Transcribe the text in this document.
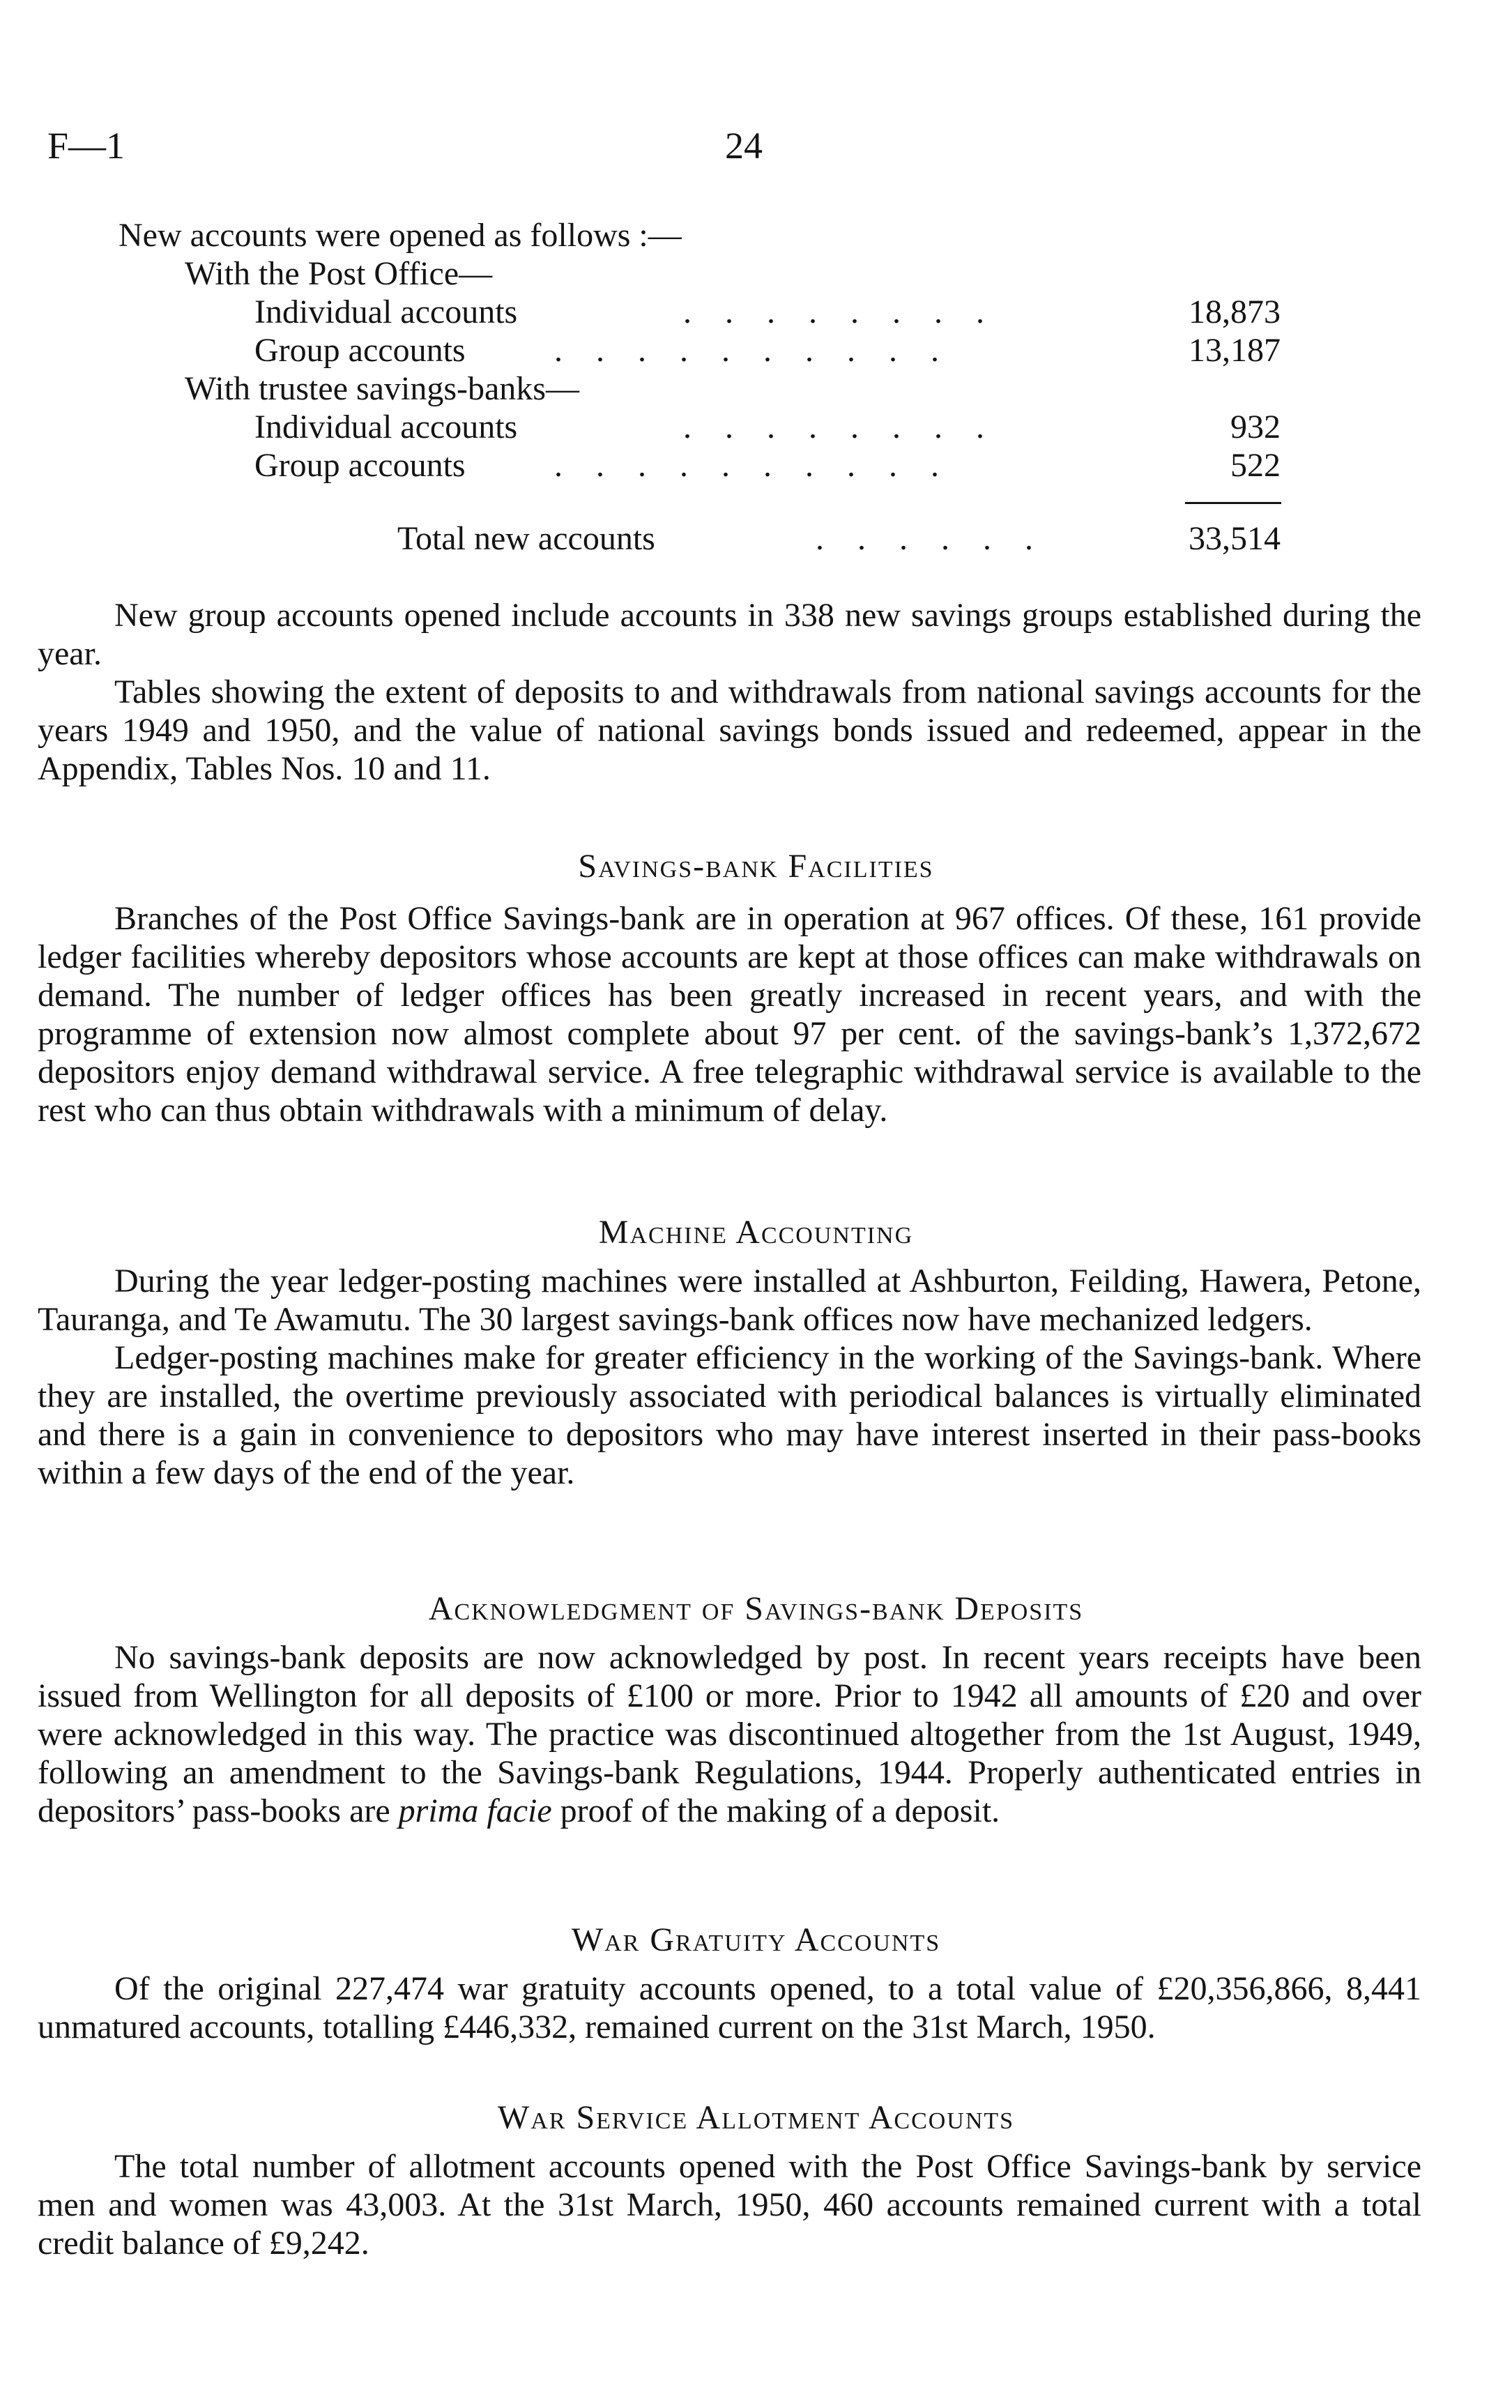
F—1	24
New accounts were opened as follows :—
With the Post Office—
Individual accounts	. . . . . . . .	18,873
Group accounts	. . . . . . . . . .	13,187
With trustee savings-banks—
Individual accounts	. . . . . . . .	932
Group accounts	. . . . . . . . . .	522
Total new accounts	. . . . . .	33,514

New group accounts opened include accounts in 338 new savings groups established during the year.

Tables showing the extent of deposits to and withdrawals from national savings accounts for the years 1949 and 1950, and the value of national savings bonds issued and redeemed, appear in the Appendix, Tables Nos. 10 and 11.

Savings-bank Facilities

Branches of the Post Office Savings-bank are in operation at 967 offices. Of these, 161 provide ledger facilities whereby depositors whose accounts are kept at those offices can make withdrawals on demand. The number of ledger offices has been greatly increased in recent years, and with the programme of extension now almost complete about 97 per cent. of the savings-bank’s 1,372,672 depositors enjoy demand withdrawal service. A free telegraphic withdrawal service is available to the rest who can thus obtain withdrawals with a minimum of delay.

Machine Accounting

During the year ledger-posting machines were installed at Ashburton, Feilding, Hawera, Petone, Tauranga, and Te Awamutu. The 30 largest savings-bank offices now have mechanized ledgers.

Ledger-posting machines make for greater efficiency in the working of the Savings-bank. Where they are installed, the overtime previously associated with periodical balances is virtually eliminated and there is a gain in convenience to depositors who may have interest inserted in their pass-books within a few days of the end of the year.

Acknowledgment of Savings-bank Deposits

No savings-bank deposits are now acknowledged by post. In recent years receipts have been issued from Wellington for all deposits of £100 or more. Prior to 1942 all amounts of £20 and over were acknowledged in this way. The practice was discontinued altogether from the 1st August, 1949, following an amendment to the Savings-bank Regulations, 1944. Properly authenticated entries in depositors’ pass-books are prima facie proof of the making of a deposit.

War Gratuity Accounts

Of the original 227,474 war gratuity accounts opened, to a total value of £20,356,866, 8,441 unmatured accounts, totalling £446,332, remained current on the 31st March, 1950.

War Service Allotment Accounts

The total number of allotment accounts opened with the Post Office Savings-bank by service men and women was 43,003. At the 31st March, 1950, 460 accounts remained current with a total credit balance of £9,242.
